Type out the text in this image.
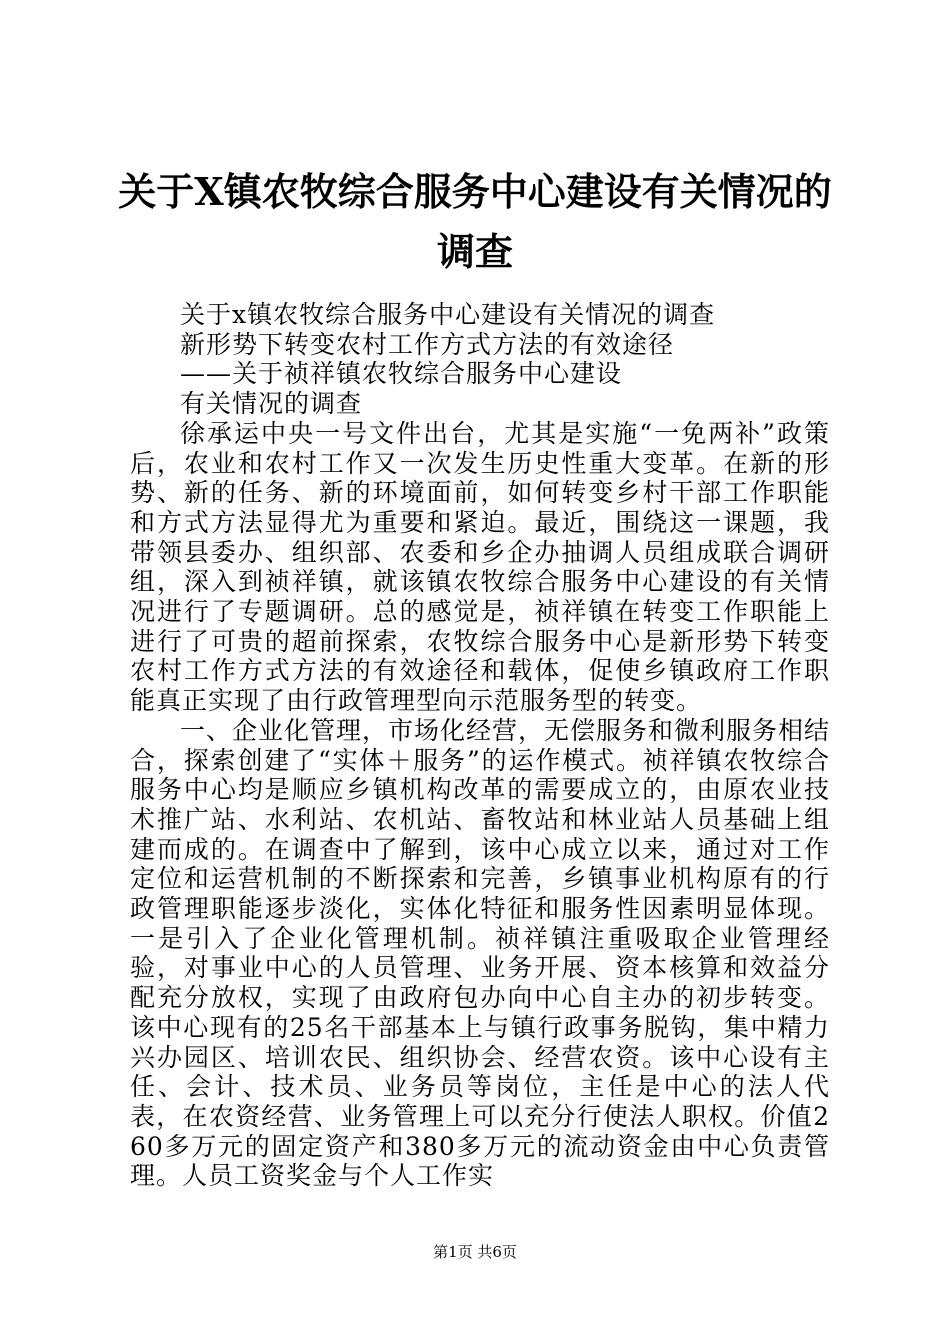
关于X镇农牧综合服务中心建设有关情况的调查

关于x镇农牧综合服务中心建设有关情况的调查

新形势下转变农村工作方式方法的有效途径

——关于祯祥镇农牧综合服务中心建设

有关情况的调查

徐承运中央一号文件出台，尤其是实施“一免两补”政策后，农业和农村工作又一次发生历史性重大变革。在新的形势、新的任务、新的环境面前，如何转变乡村干部工作职能和方式方法显得尤为重要和紧迫。最近，围绕这一课题，我带领县委办、组织部、农委和乡企办抽调人员组成联合调研组，深入到祯祥镇，就该镇农牧综合服务中心建设的有关情况进行了专题调研。总的感觉是，祯祥镇在转变工作职能上进行了可贵的超前探索，农牧综合服务中心是新形势下转变农村工作方式方法的有效途径和载体，促使乡镇政府工作职能真正实现了由行政管理型向示范服务型的转变。

一、企业化管理，市场化经营，无偿服务和微利服务相结合，探索创建了“实体＋服务”的运作模式。祯祥镇农牧综合服务中心均是顺应乡镇机构改革的需要成立的，由原农业技术推广站、水利站、农机站、畜牧站和林业站人员基础上组建而成的。在调查中了解到，该中心成立以来，通过对工作定位和运营机制的不断探索和完善，乡镇事业机构原有的行政管理职能逐步淡化，实体化特征和服务性因素明显体现。一是引入了企业化管理机制。祯祥镇注重吸取企业管理经验，对事业中心的人员管理、业务开展、资本核算和效益分配充分放权，实现了由政府包办向中心自主办的初步转变。该中心现有的25名干部基本上与镇行政事务脱钩，集中精力兴办园区、培训农民、组织协会、经营农资。该中心设有主任、会计、技术员、业务员等岗位，主任是中心的法人代表，在农资经营、业务管理上可以充分行使法人职权。价值260多万元的固定资产和380多万元的流动资金由中心负责管理。人员工资奖金与个人工作实

第1页 共6页
